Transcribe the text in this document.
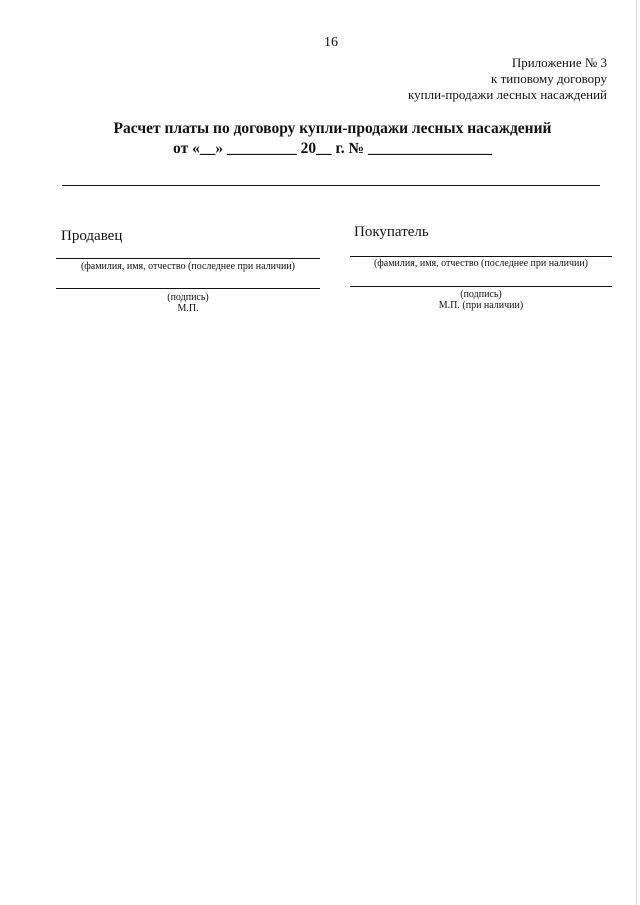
16
Приложение № 3
к типовому договору
купли-продажи лесных насаждений
Расчет платы по договору купли-продажи лесных насаждений
от «__» _________ 20__ г. № ________________
Продавец
(фамилия, имя, отчество (последнее при наличии)
(подпись)
М.П.
Покупатель
(фамилия, имя, отчество (последнее при наличии)
(подпись)
М.П. (при наличии)
